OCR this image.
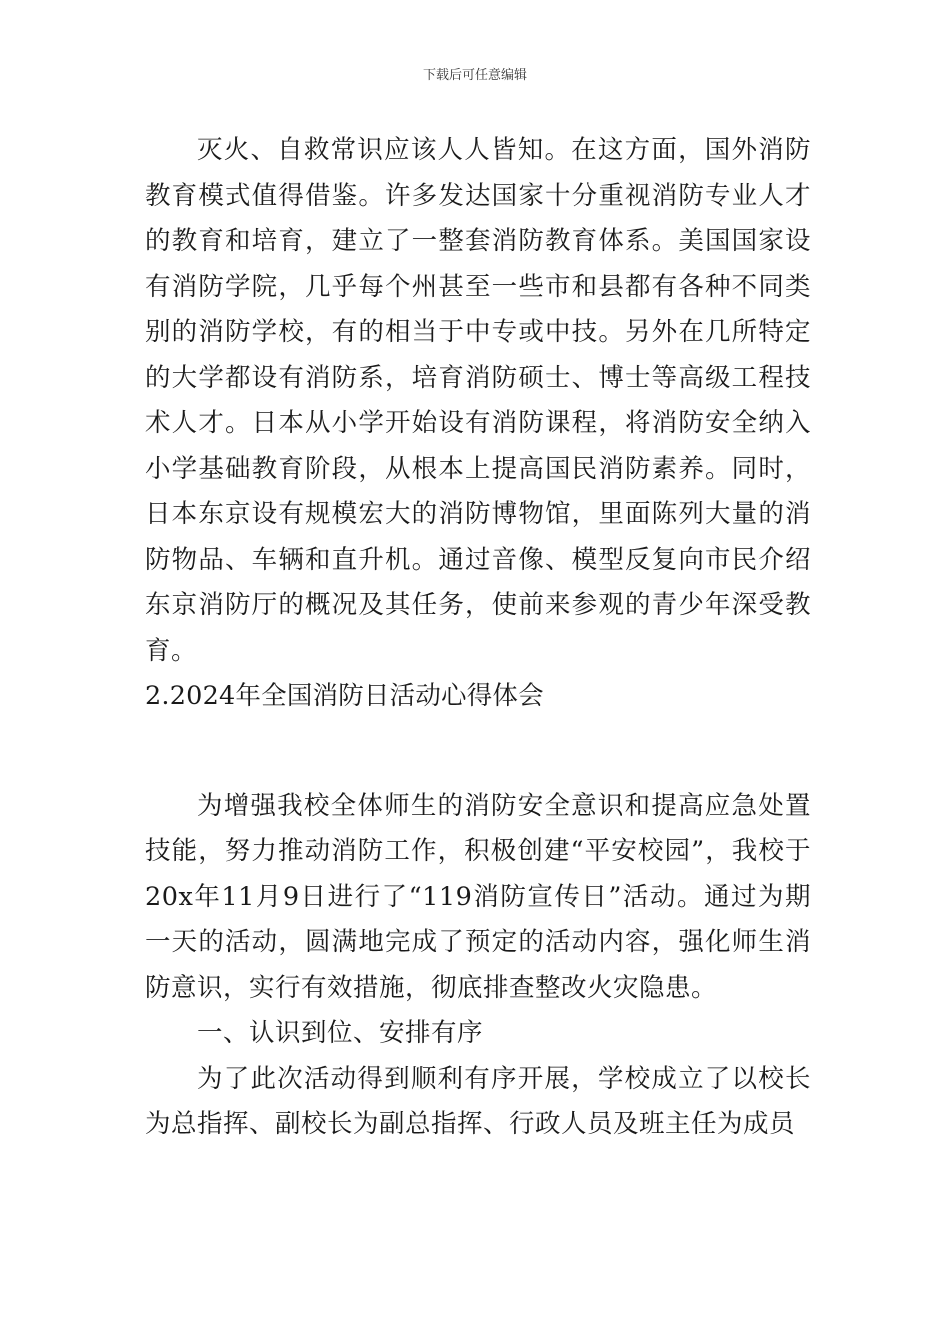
下载后可任意编辑

灭火、自救常识应该人人皆知。在这方面，国外消防教育模式值得借鉴。许多发达国家十分重视消防专业人才的教育和培育，建立了一整套消防教育体系。美国国家设有消防学院，几乎每个州甚至一些市和县都有各种不同类别的消防学校，有的相当于中专或中技。另外在几所特定的大学都设有消防系，培育消防硕士、博士等高级工程技术人才。日本从小学开始设有消防课程，将消防安全纳入小学基础教育阶段，从根本上提高国民消防素养。同时，日本东京设有规模宏大的消防博物馆，里面陈列大量的消防物品、车辆和直升机。通过音像、模型反复向市民介绍东京消防厅的概况及其任务，使前来参观的青少年深受教育。

2.2024年全国消防日活动心得体会

为增强我校全体师生的消防安全意识和提高应急处置技能，努力推动消防工作，积极创建“平安校园”，我校于20x年11月9日进行了“119消防宣传日”活动。通过为期一天的活动，圆满地完成了预定的活动内容，强化师生消防意识，实行有效措施，彻底排查整改火灾隐患。

一、认识到位、安排有序

为了此次活动得到顺利有序开展，学校成立了以校长为总指挥、副校长为副总指挥、行政人员及班主任为成员
